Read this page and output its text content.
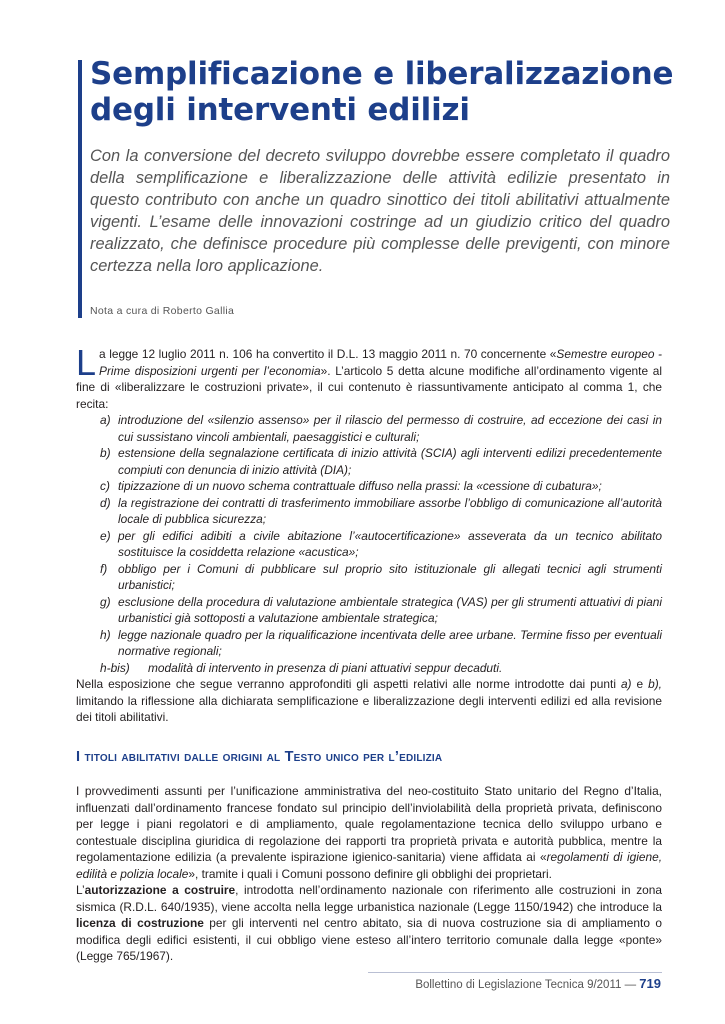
Semplificazione e liberalizzazione degli interventi edilizi

Con la conversione del decreto sviluppo dovrebbe essere completato il quadro della semplificazione e liberalizzazione delle attività edilizie presentato in questo contributo con anche un quadro sinottico dei titoli abilitativi attualmente vigenti. L’esame delle innovazioni costringe ad un giudizio critico del quadro realizzato, che definisce procedure più complesse delle previgenti, con minore certezza nella loro applicazione.

Nota a cura di Roberto Gallia

La legge 12 luglio 2011 n. 106 ha convertito il D.L. 13 maggio 2011 n. 70 concernente «Semestre europeo - Prime disposizioni urgenti per l’economia». L’articolo 5 detta alcune modifiche all’ordinamento vigente al fine di «liberalizzare le costruzioni private», il cui contenuto è riassuntivamente anticipato al comma 1, che recita:

a) introduzione del «silenzio assenso» per il rilascio del permesso di costruire, ad eccezione dei casi in cui sussistano vincoli ambientali, paesaggistici e culturali;
b) estensione della segnalazione certificata di inizio attività (SCIA) agli interventi edilizi precedentemente compiuti con denuncia di inizio attività (DIA);
c) tipizzazione di un nuovo schema contrattuale diffuso nella prassi: la «cessione di cubatura»;
d) la registrazione dei contratti di trasferimento immobiliare assorbe l’obbligo di comunicazione all’autorità locale di pubblica sicurezza;
e) per gli edifici adibiti a civile abitazione l’«autocertificazione» asseverata da un tecnico abilitato sostituisce la cosiddetta relazione «acustica»;
f) obbligo per i Comuni di pubblicare sul proprio sito istituzionale gli allegati tecnici agli strumenti urbanistici;
g) esclusione della procedura di valutazione ambientale strategica (VAS) per gli strumenti attuativi di piani urbanistici già sottoposti a valutazione ambientale strategica;
h) legge nazionale quadro per la riqualificazione incentivata delle aree urbane. Termine fisso per eventuali normative regionali;
h-bis) modalità di intervento in presenza di piani attuativi seppur decaduti.

Nella esposizione che segue verranno approfonditi gli aspetti relativi alle norme introdotte dai punti a) e b), limitando la riflessione alla dichiarata semplificazione e liberalizzazione degli interventi edilizi ed alla revisione dei titoli abilitativi.

I titoli abilitativi dalle origini al Testo unico per l’edilizia

I provvedimenti assunti per l’unificazione amministrativa del neo-costituito Stato unitario del Regno d’Italia, influenzati dall’ordinamento francese fondato sul principio dell’inviolabilità della proprietà privata, definiscono per legge i piani regolatori e di ampliamento, quale regolamentazione tecnica dello sviluppo urbano e contestuale disciplina giuridica di regolazione dei rapporti tra proprietà privata e autorità pubblica, mentre la regolamentazione edilizia (a prevalente ispirazione igienico-sanitaria) viene affidata ai «regolamenti di igiene, edilità e polizia locale», tramite i quali i Comuni possono definire gli obblighi dei proprietari.

L’autorizzazione a costruire, introdotta nell’ordinamento nazionale con riferimento alle costruzioni in zona sismica (R.D.L. 640/1935), viene accolta nella legge urbanistica nazionale (Legge 1150/1942) che introduce la licenza di costruzione per gli interventi nel centro abitato, sia di nuova costruzione sia di ampliamento o modifica degli edifici esistenti, il cui obbligo viene esteso all’intero territorio comunale dalla legge «ponte» (Legge 765/1967).

Bollettino di Legislazione Tecnica 9/2011 — 719
